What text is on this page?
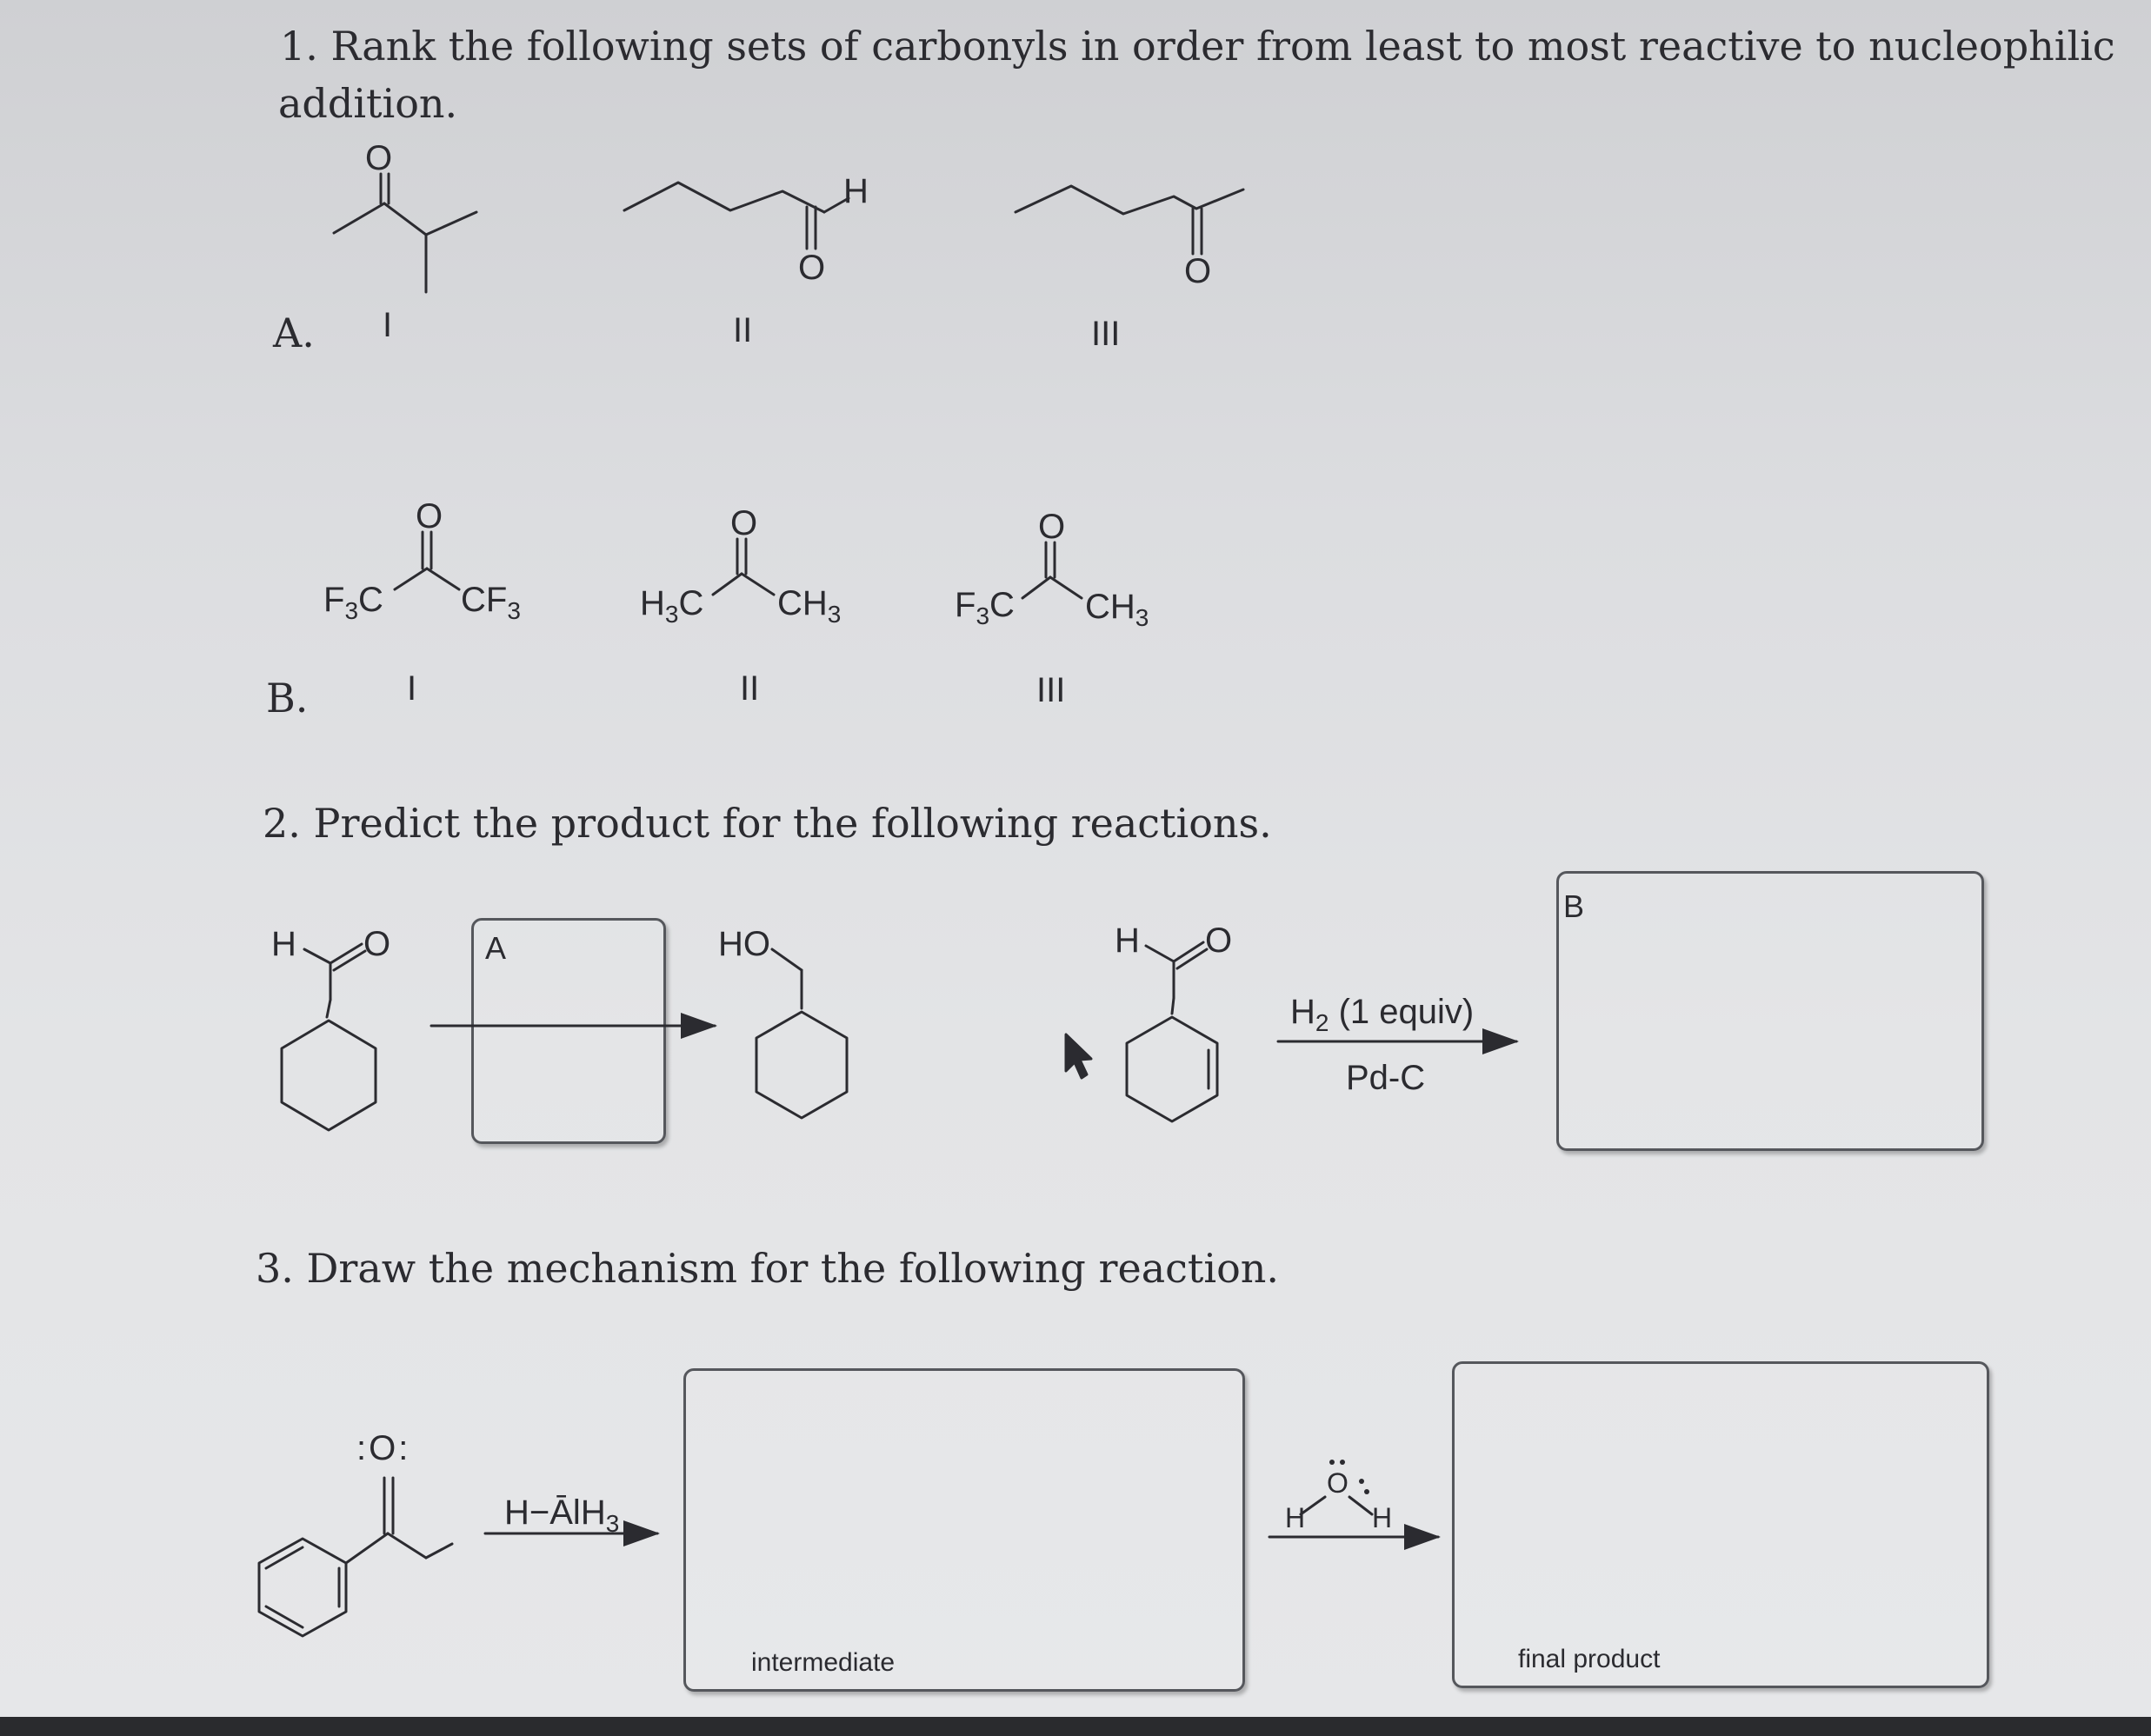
1. Rank the following sets of carbonyls in order from least to most reactive to nucleophilic
addition.
A. I	II	III
O
H
O	O
B.	I	II	III
O	O	O
$F_3C$ $CF_3$	$H_3C$ $CH_3$	$F_3C$ $CH_3$
2. Predict the product for the following reactions.
H O	HO	H O
A
$H_2$ (1 equiv)
Pd-C
B
3. Draw the mechanism for the following reaction.
:O:
H−ĀlH$_3$
intermediate
H
O
H
final product
